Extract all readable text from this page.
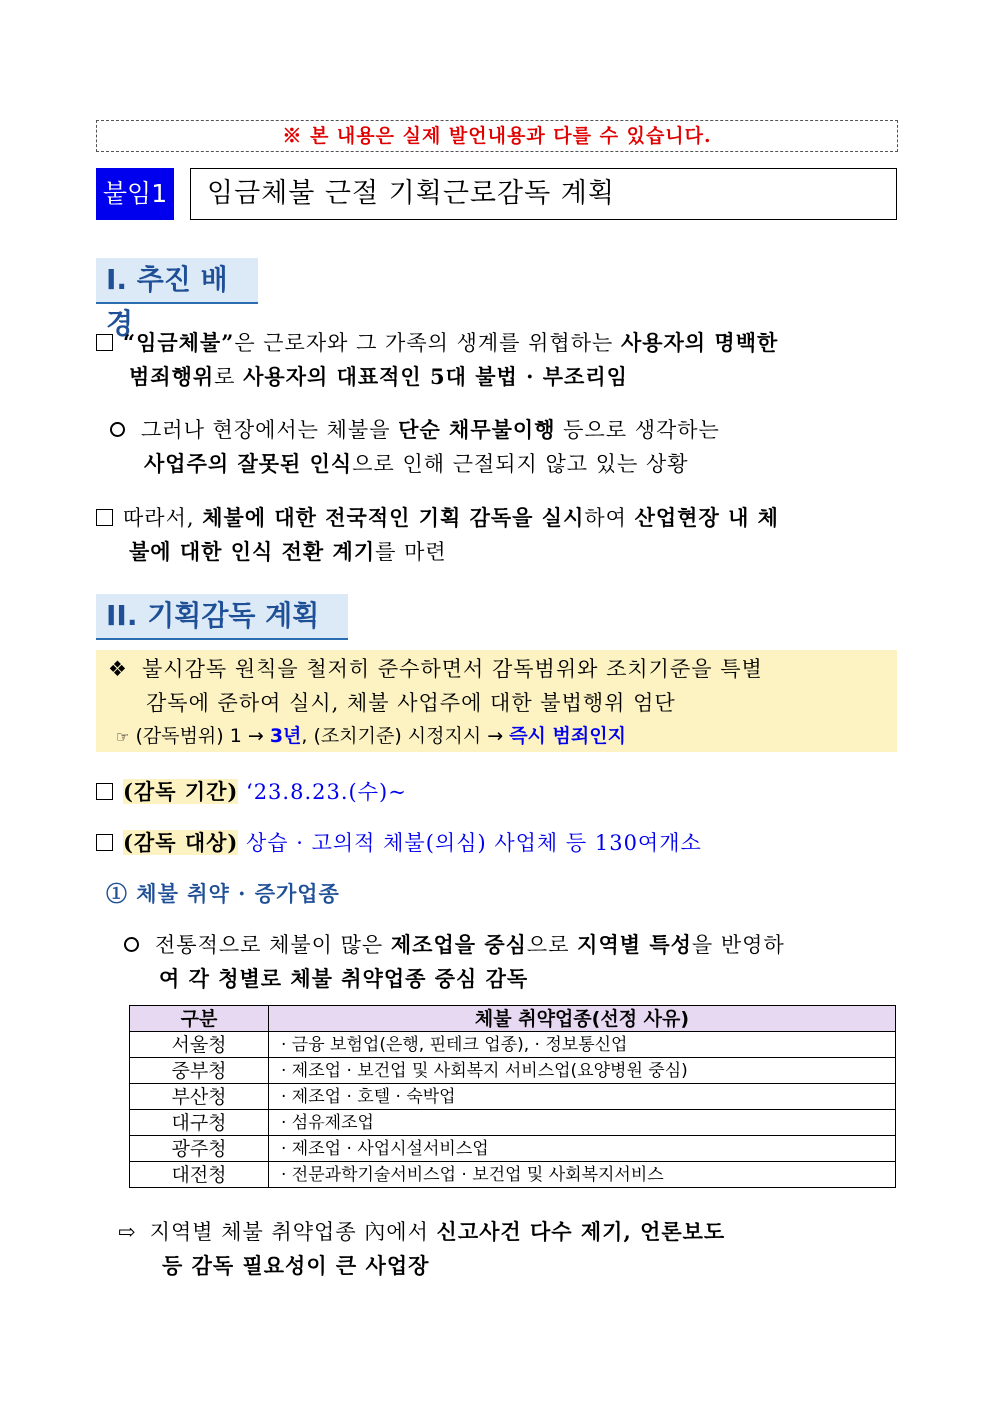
※ 본 내용은 실제 발언내용과 다를 수 있습니다.
붙임1	임금체불 근절 기획근로감독 계획
I. 추진 배경
“임금체불”은 근로자와 그 가족의 생계를 위협하는 사용자의 명백한
범죄행위로 사용자의 대표적인 5대 불법 · 부조리임
그러나 현장에서는 체불을 단순 채무불이행 등으로 생각하는
사업주의 잘못된 인식으로 인해 근절되지 않고 있는 상황
따라서, 체불에 대한 전국적인 기획 감독을 실시하여 산업현장 내 체
불에 대한 인식 전환 계기를 마련
II. 기획감독 계획
❖ 불시감독 원칙을 철저히 준수하면서 감독범위와 조치기준을 특별
감독에 준하여 실시, 체불 사업주에 대한 불법행위 엄단
☞ (감독범위) 1 → 3년, (조치기준) 시정지시 → 즉시 범죄인지
(감독 기간) ‘23.8.23.(수)~
(감독 대상) 상습 · 고의적 체불(의심) 사업체 등 130여개소
① 체불 취약 · 증가업종
전통적으로 체불이 많은 제조업을 중심으로 지역별 특성을 반영하
여 각 청별로 체불 취약업종 중심 감독
구분	체불 취약업종(선정 사유)
서울청	‧ 금융 보험업(은행, 핀테크 업종), ‧ 정보통신업
중부청	‧ 제조업 ‧ 보건업 및 사회복지 서비스업(요양병원 중심)
부산청	‧ 제조업 ‧ 호텔 · 숙박업
대구청	‧ 섬유제조업
광주청	‧ 제조업 ‧ 사업시설서비스업
대전청	‧ 전문과학기술서비스업 ‧ 보건업 및 사회복지서비스
⇨ 지역별 체불 취약업종 內에서 신고사건 다수 제기, 언론보도
등 감독 필요성이 큰 사업장
